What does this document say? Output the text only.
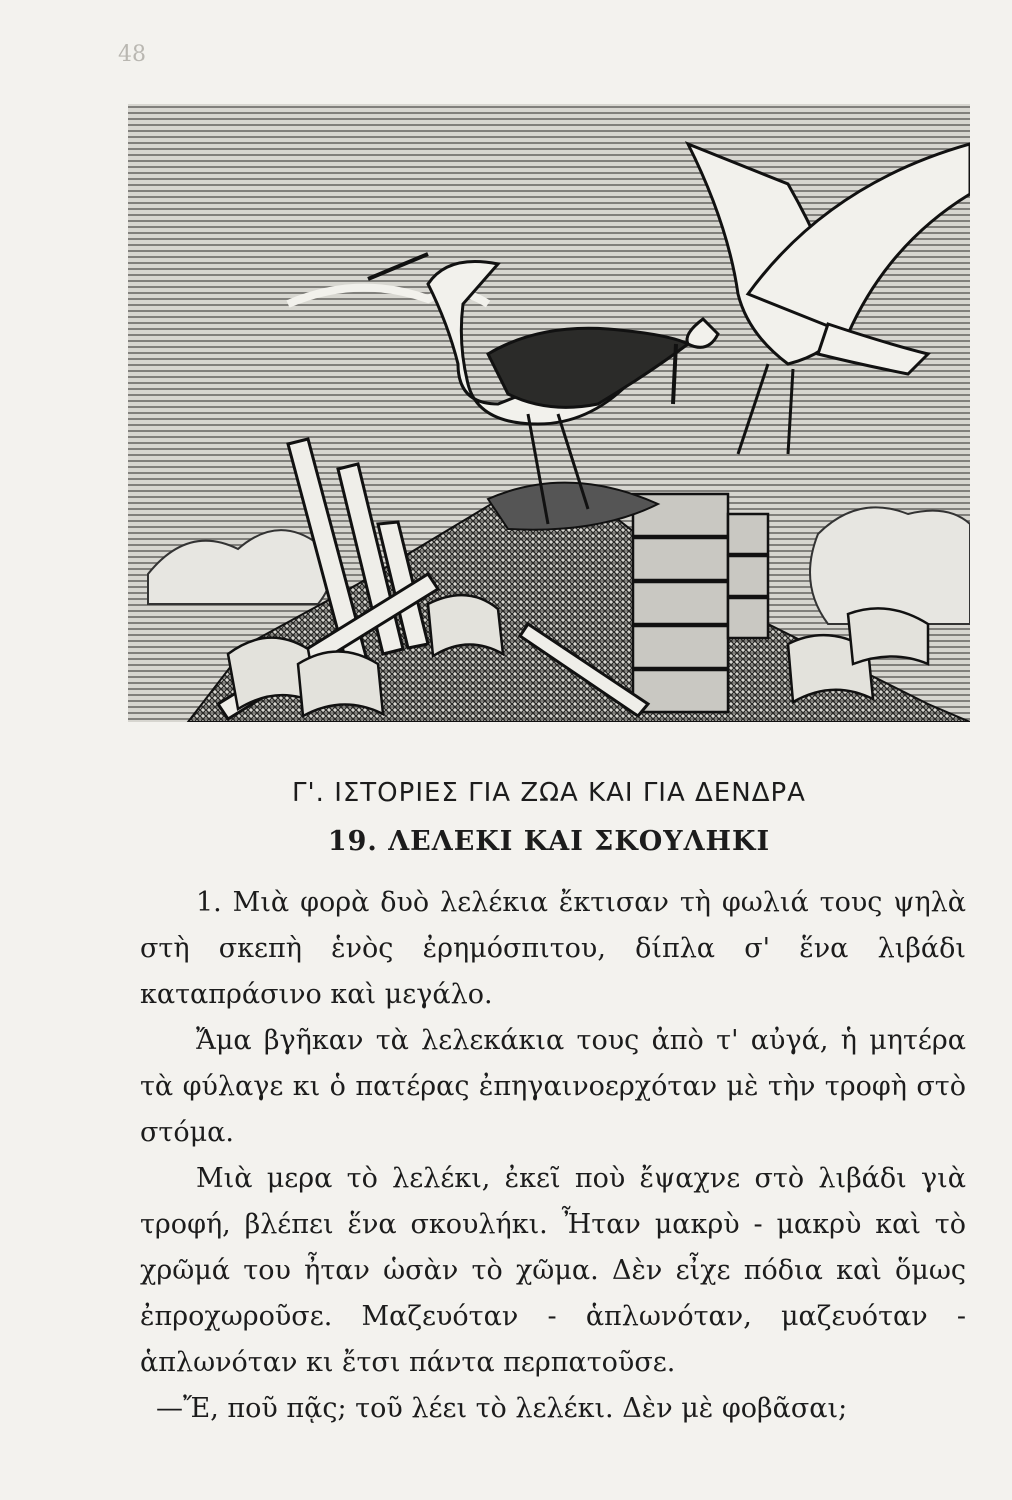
48
Γ'. ΙΣΤΟΡΙΕΣ ΓΙΑ ΖΩΑ ΚΑΙ ΓΙΑ ΔΕΝΔΡΑ
19. ΛΕΛΕΚΙ ΚΑΙ ΣΚΟΥΛΗΚΙ

1. Μιὰ φορὰ δυὸ λελέκια ἔκτισαν τὴ φωλιά τους ψηλὰ στὴ σκεπὴ ἑνὸς ἐρημόσπιτου, δίπλα σ' ἕνα λιβάδι καταπράσινο καὶ μεγάλο.

Ἄμα βγῆκαν τὰ λελεκάκια τους ἀπὸ τ' αὐγά, ἡ μητέρα τὰ φύλαγε κι ὁ πατέρας ἐπηγαινοερχόταν μὲ τὴν τροφὴ στὸ στόμα.

Μιὰ μερα τὸ λελέκι, ἐκεῖ ποὺ ἔψαχνε στὸ λιβάδι γιὰ τροφή, βλέπει ἕνα σκουλήκι. Ἦταν μακρὺ - μακρὺ καὶ τὸ χρῶμά του ἦταν ὡσὰν τὸ χῶμα. Δὲν εἶχε πόδια καὶ ὅμως ἐπροχωροῦσε. Μαζευόταν - ἁπλωνόταν, μαζευόταν - ἁπλωνόταν κι ἔτσι πάντα περπατοῦσε.

—Ἔ, ποῦ πᾷς; τοῦ λέει τὸ λελέκι. Δὲν μὲ φοβᾶσαι;
